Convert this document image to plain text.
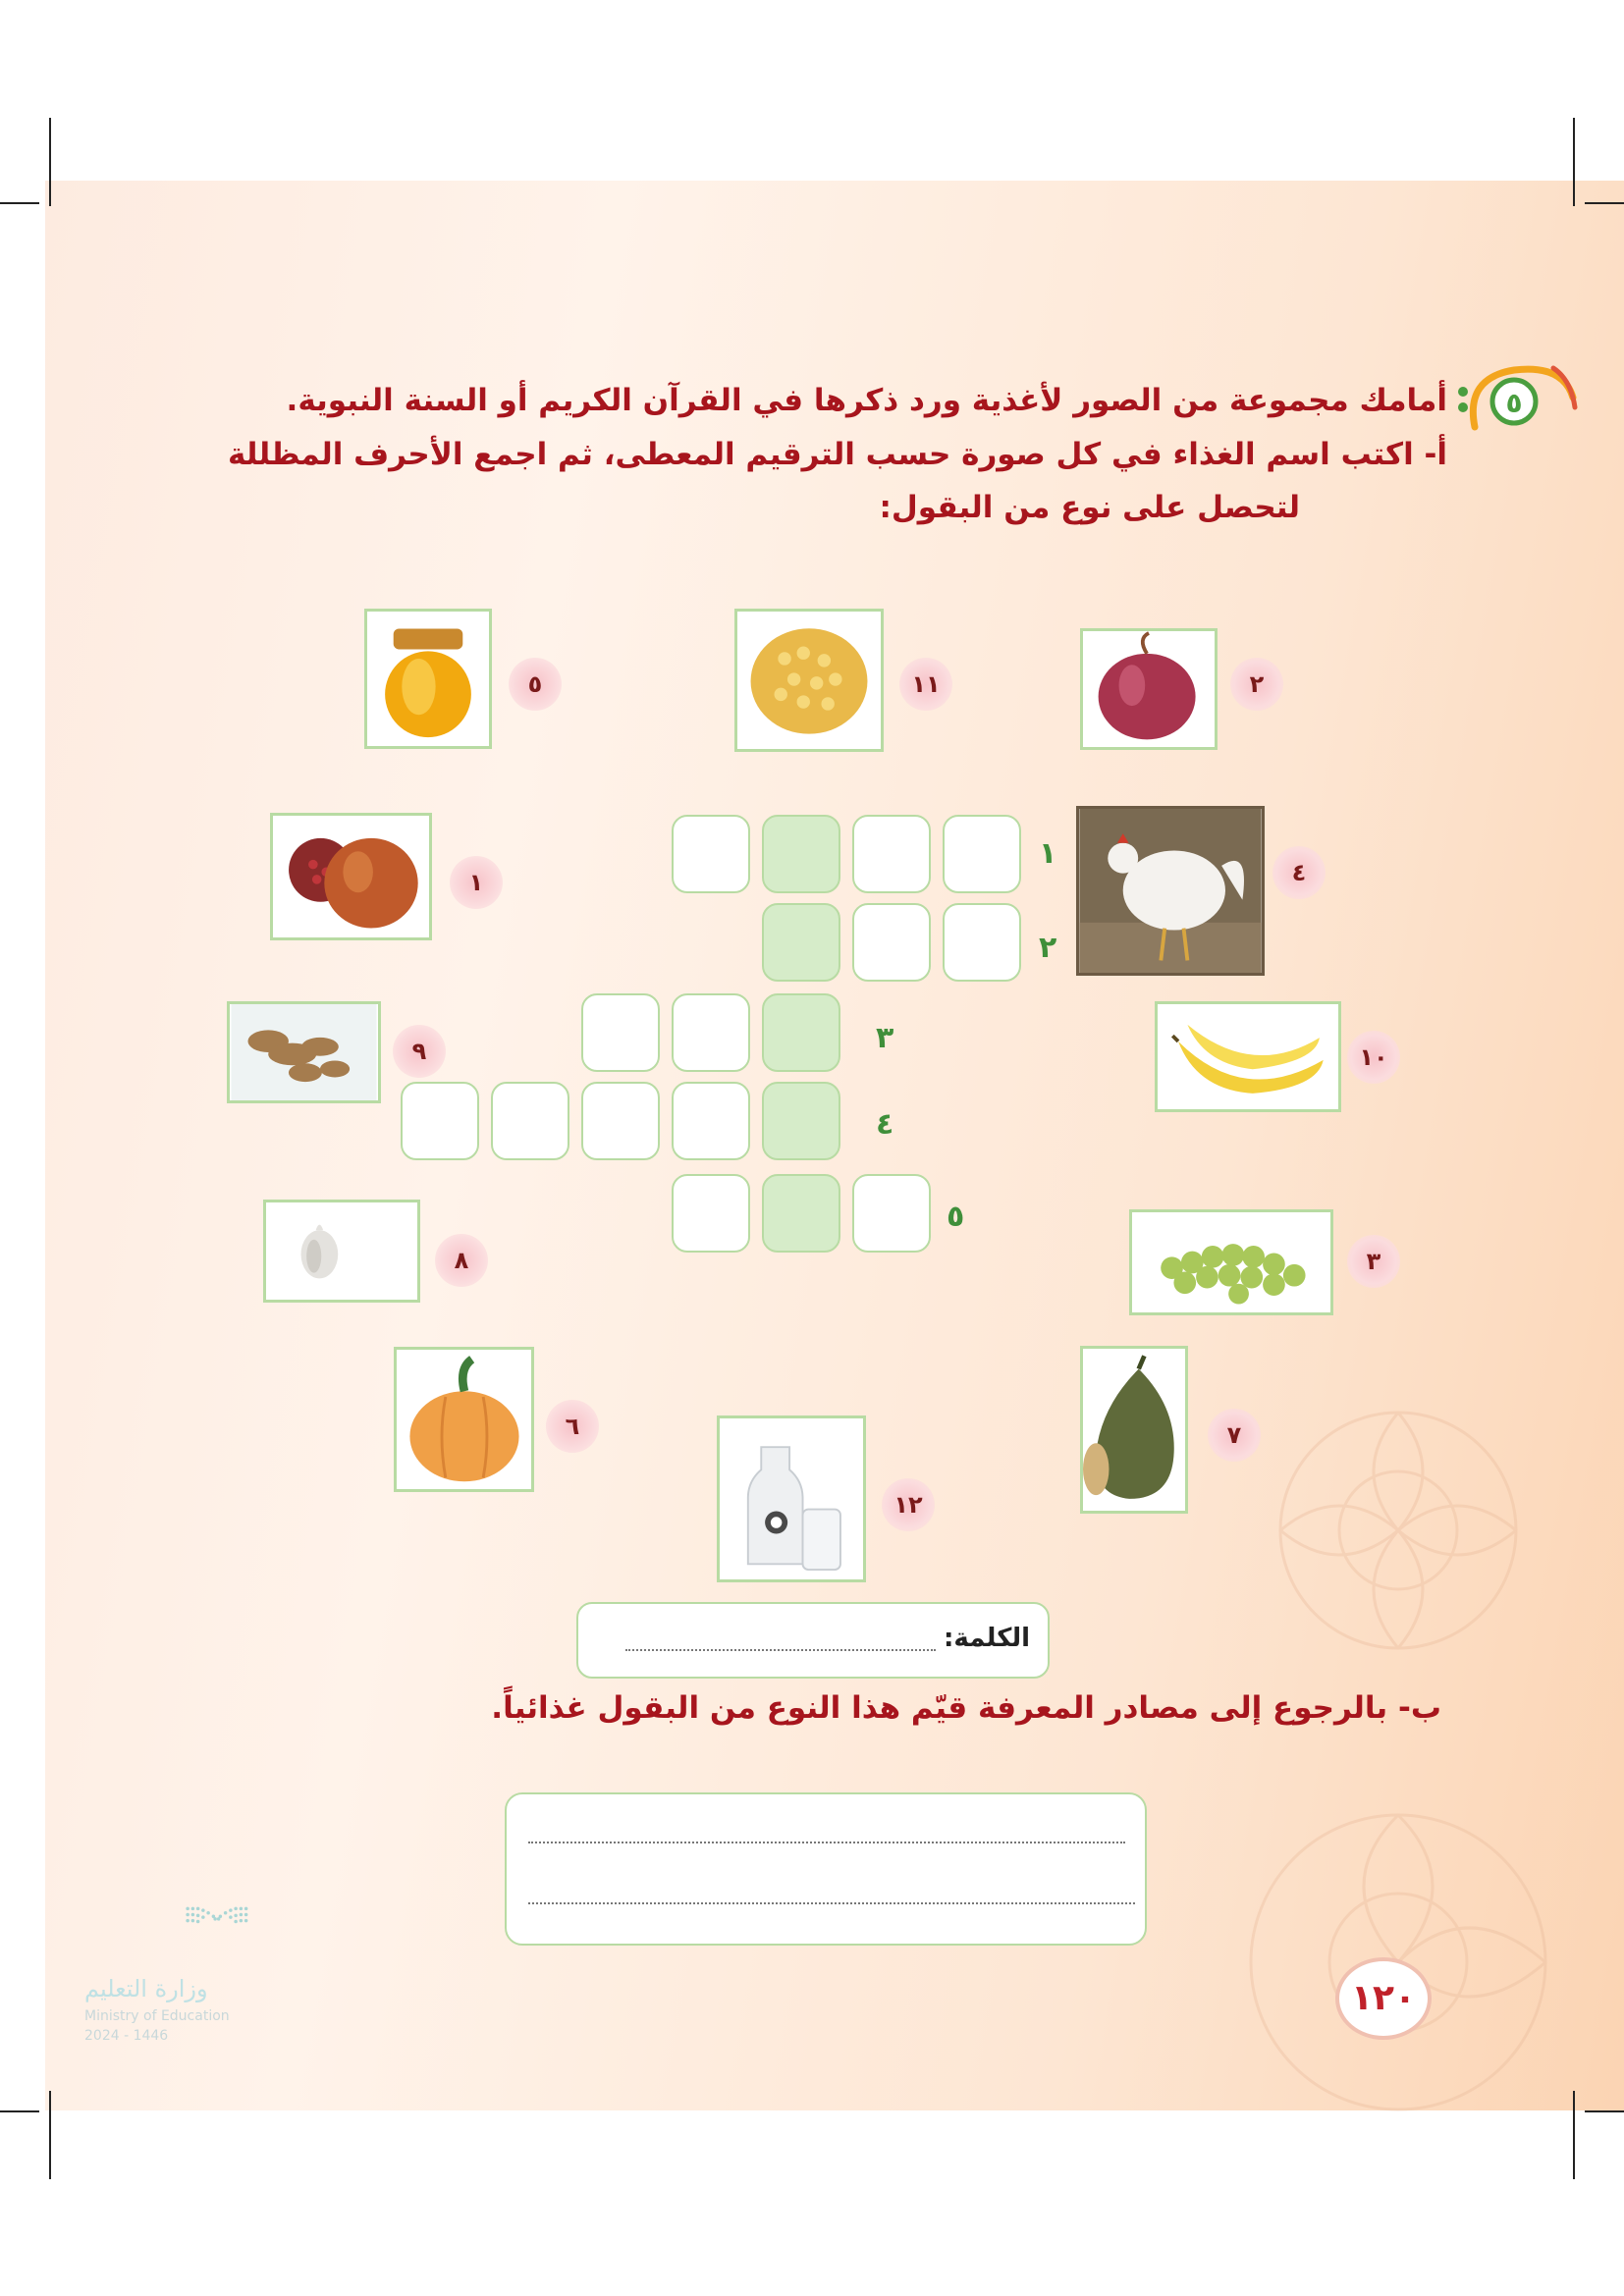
٥
أمامك مجموعة من الصور لأغذية ورد ذكرها في القرآن الكريم أو السنة النبوية.
أ- اكتب اسم الغذاء في كل صورة حسب الترقيم المعطى، ثم اجمع الأحرف المظللة
لتحصل على نوع من البقول:
٥	١١	٢
١	٤
٩	١٠
٨	٣
٦	٧
١٢
١
٢
٣
٤
٥
الكلمة:
ب- بالرجوع إلى مصادر المعرفة قيّم هذا النوع من البقول غذائياً.
وزارة التعليم
Ministry of Education
2024 - 1446
١٢٠
